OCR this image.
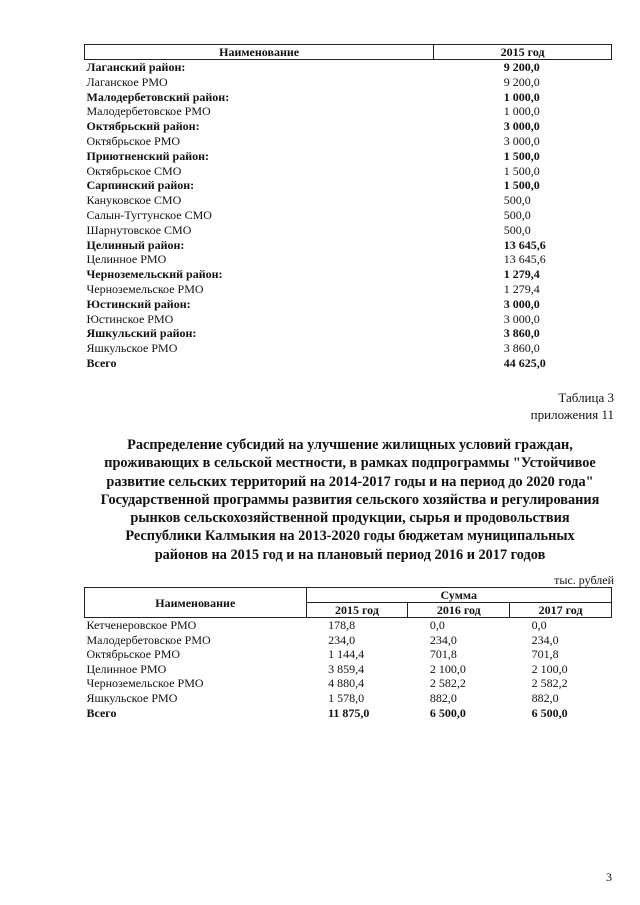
Наименование	2015 год
Лаганский район:	9 200,0
Лаганское РМО	9 200,0
Малодербетовский район:	1 000,0
Малодербетовское РМО	1 000,0
Октябрьский район:	3 000,0
Октябрьское РМО	3 000,0
Приютненский район:	1 500,0
Октябрьское СМО	1 500,0
Сарпинский район:	1 500,0
Кануковское СМО	500,0
Салын-Тугтунское СМО	500,0
Шарнутовское СМО	500,0
Целинный район:	13 645,6
Целинное РМО	13 645,6
Черноземельский район:	1 279,4
Черноземельское РМО	1 279,4
Юстинский район:	3 000,0
Юстинское РМО	3 000,0
Яшкульский район:	3 860,0
Яшкульское РМО	3 860,0
Всего	44 625,0
Таблица 3
приложения 11
Распределение субсидий на улучшение жилищных условий граждан,
проживающих в сельской местности, в рамках подпрограммы "Устойчивое
развитие сельских территорий на 2014-2017 годы и на период до 2020 года"
Государственной программы развития сельского хозяйства и регулирования
рынков сельскохозяйственной продукции, сырья и продовольствия
Республики Калмыкия на 2013-2020 годы бюджетам муниципальных
районов на 2015 год и на плановый период 2016 и 2017 годов
тыс. рублей
Наименование	Сумма		
	2015 год	2016 год	2017 год
Кетченеровское РМО	178,8	0,0	0,0
Малодербетовское РМО	234,0	234,0	234,0
Октябрьское РМО	1 144,4	701,8	701,8
Целинное РМО	3 859,4	2 100,0	2 100,0
Черноземельское РМО	4 880,4	2 582,2	2 582,2
Яшкульское РМО	1 578,0	882,0	882,0
Всего	11 875,0	6 500,0	6 500,0
3
